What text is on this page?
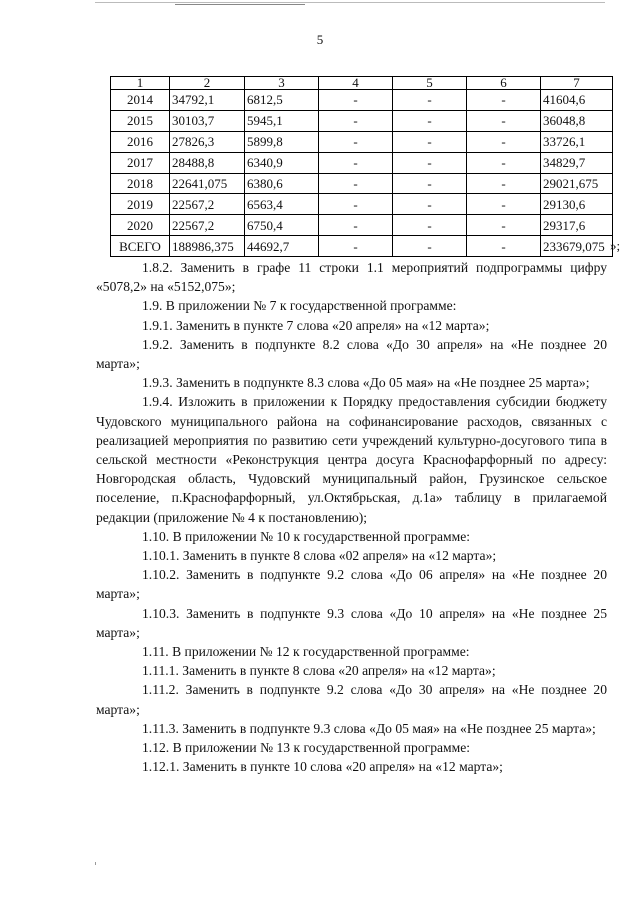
5
1	2	3	4	5	6	7
2014	34792,1	6812,5	-	-	-	41604,6
2015	30103,7	5945,1	-	-	-	36048,8
2016	27826,3	5899,8	-	-	-	33726,1
2017	28488,8	6340,9	-	-	-	34829,7
2018	22641,075	6380,6	-	-	-	29021,675
2019	22567,2	6563,4	-	-	-	29130,6
2020	22567,2	6750,4	-	-	-	29317,6
ВСЕГО	188986,375	44692,7	-	-	-	233679,075 »;

1.8.2. Заменить в графе 11 строки 1.1 мероприятий подпрограммы цифру «5078,2» на «5152,075»;

1.9. В приложении № 7 к государственной программе:

1.9.1. Заменить в пункте 7 слова «20 апреля» на «12 марта»;

1.9.2. Заменить в подпункте 8.2 слова «До 30 апреля» на «Не позднее 20 марта»;

1.9.3. Заменить в подпункте 8.3 слова «До 05 мая» на «Не позднее 25 марта»;

1.9.4. Изложить в приложении к Порядку предоставления субсидии бюджету Чудовского муниципального района на софинансирование расходов, связанных с реализацией мероприятия по развитию сети учреждений культурно-досугового типа в сельской местности «Реконструкция центра досуга Краснофарфорный по адресу: Новгородская область, Чудовский муниципальный район, Грузинское сельское поселение, п.Краснофарфорный, ул.Октябрьская, д.1а» таблицу в прилагаемой редакции (приложение № 4 к постановлению);

1.10. В приложении № 10 к государственной программе:

1.10.1. Заменить в пункте 8 слова «02 апреля» на «12 марта»;

1.10.2. Заменить в подпункте 9.2 слова «До 06 апреля» на «Не позднее 20 марта»;

1.10.3. Заменить в подпункте 9.3 слова «До 10 апреля» на «Не позднее 25 марта»;

1.11. В приложении № 12 к государственной программе:

1.11.1. Заменить в пункте 8 слова «20 апреля» на «12 марта»;

1.11.2. Заменить в подпункте 9.2 слова «До 30 апреля» на «Не позднее 20 марта»;

1.11.3. Заменить в подпункте 9.3 слова «До 05 мая» на «Не позднее 25 марта»;

1.12. В приложении № 13 к государственной программе:

1.12.1. Заменить в пункте 10 слова «20 апреля» на «12 марта»;
